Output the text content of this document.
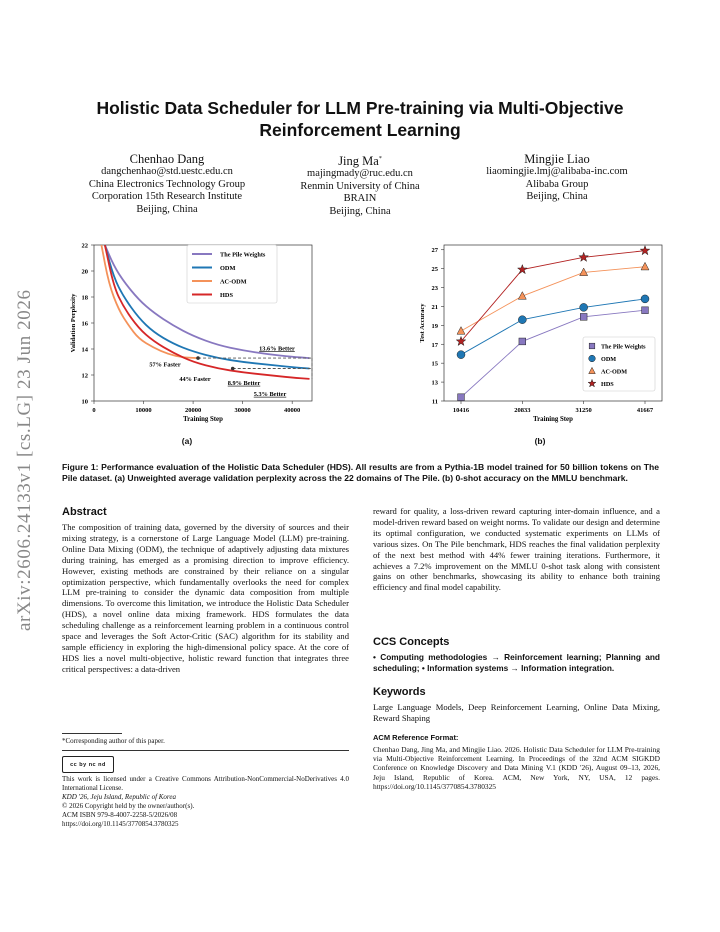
arXiv:2606.24133v1 [cs.LG] 23 Jun 2026
Holistic Data Scheduler for LLM Pre-training via Multi-Objective
Reinforcement Learning
Chenhao Dang
dangchenhao@std.uestc.edu.cn
China Electronics Technology Group
Corporation 15th Research Institute
Beijing, China
Jing Ma*
majingmady@ruc.edu.cn
Renmin University of China
BRAIN
Beijing, China
Mingjie Liao
liaomingjie.lmj@alibaba-inc.com
Alibaba Group
Beijing, China
10
12
14
16
18
20
22
0	10000	20000	30000	40000
Training Step
Validation Perplexity	13.6% Better
57% Faster
44% Faster
8.9% Better
5.3% Better
The Pile Weights
ODM
AC-ODM
HDS
(a)
11
13
15
17
19
21
23
25
27
10416	20833	31250	41667
Training Step
Test Accuracy
The Pile Weights
ODM
AC-ODM
HDS
(b)
Figure 1: Performance evaluation of the Holistic Data Scheduler (HDS). All results are from a Pythia-1B model trained for 50 billion tokens on The Pile dataset. (a) Unweighted average validation perplexity across the 22 domains of The Pile. (b) 0-shot accuracy on the MMLU benchmark.
Abstract
The composition of training data, governed by the diversity of sources and their mixing strategy, is a cornerstone of Large Language Model (LLM) pre-training. Online Data Mixing (ODM), the technique of adaptively adjusting data mixtures during training, has emerged as a promising direction to improve efficiency. However, existing methods are constrained by their reliance on a singular optimization perspective, which fundamentally overlooks the need for complex LLM pre-training to consider the dynamic data composition from multiple dimensions. To overcome this limitation, we introduce the Holistic Data Scheduler (HDS), a novel online data mixing framework. HDS formulates the data scheduling challenge as a reinforcement learning problem in a continuous control space and leverages the Soft Actor-Critic (SAC) algorithm for its stability and sample efficiency in exploring the high-dimensional policy space. At the core of HDS lies a novel multi-objective, holistic reward function that integrates three critical perspectives: a data-driven
*Corresponding author of this paper.
cc by nc nd
This work is licensed under a Creative Commons Attribution-NonCommercial-NoDerivatives 4.0 International License.
KDD '26, Jeju Island, Republic of Korea
© 2026 Copyright held by the owner/author(s).
ACM ISBN 979-8-4007-2258-5/2026/08
https://doi.org/10.1145/3770854.3780325
reward for quality, a loss-driven reward capturing inter-domain influence, and a model-driven reward based on weight norms. To validate our design and determine its optimal configuration, we conducted systematic experiments on LLMs of various sizes. On The Pile benchmark, HDS reaches the final validation perplexity of the next best method with 44% fewer training iterations. Furthermore, it achieves a 7.2% improvement on the MMLU 0-shot task along with consistent gains on other benchmarks, showcasing its ability to enhance both training efficiency and final model capability.
CCS Concepts
• Computing methodologies → Reinforcement learning; Planning and scheduling; • Information systems → Information integration.
Keywords
Large Language Models, Deep Reinforcement Learning, Online Data Mixing, Reward Shaping
ACM Reference Format:
Chenhao Dang, Jing Ma, and Mingjie Liao. 2026. Holistic Data Scheduler for LLM Pre-training via Multi-Objective Reinforcement Learning. In Proceedings of the 32nd ACM SIGKDD Conference on Knowledge Discovery and Data Mining V.1 (KDD '26), August 09–13, 2026, Jeju Island, Republic of Korea. ACM, New York, NY, USA, 12 pages. https://doi.org/10.1145/3770854.3780325
